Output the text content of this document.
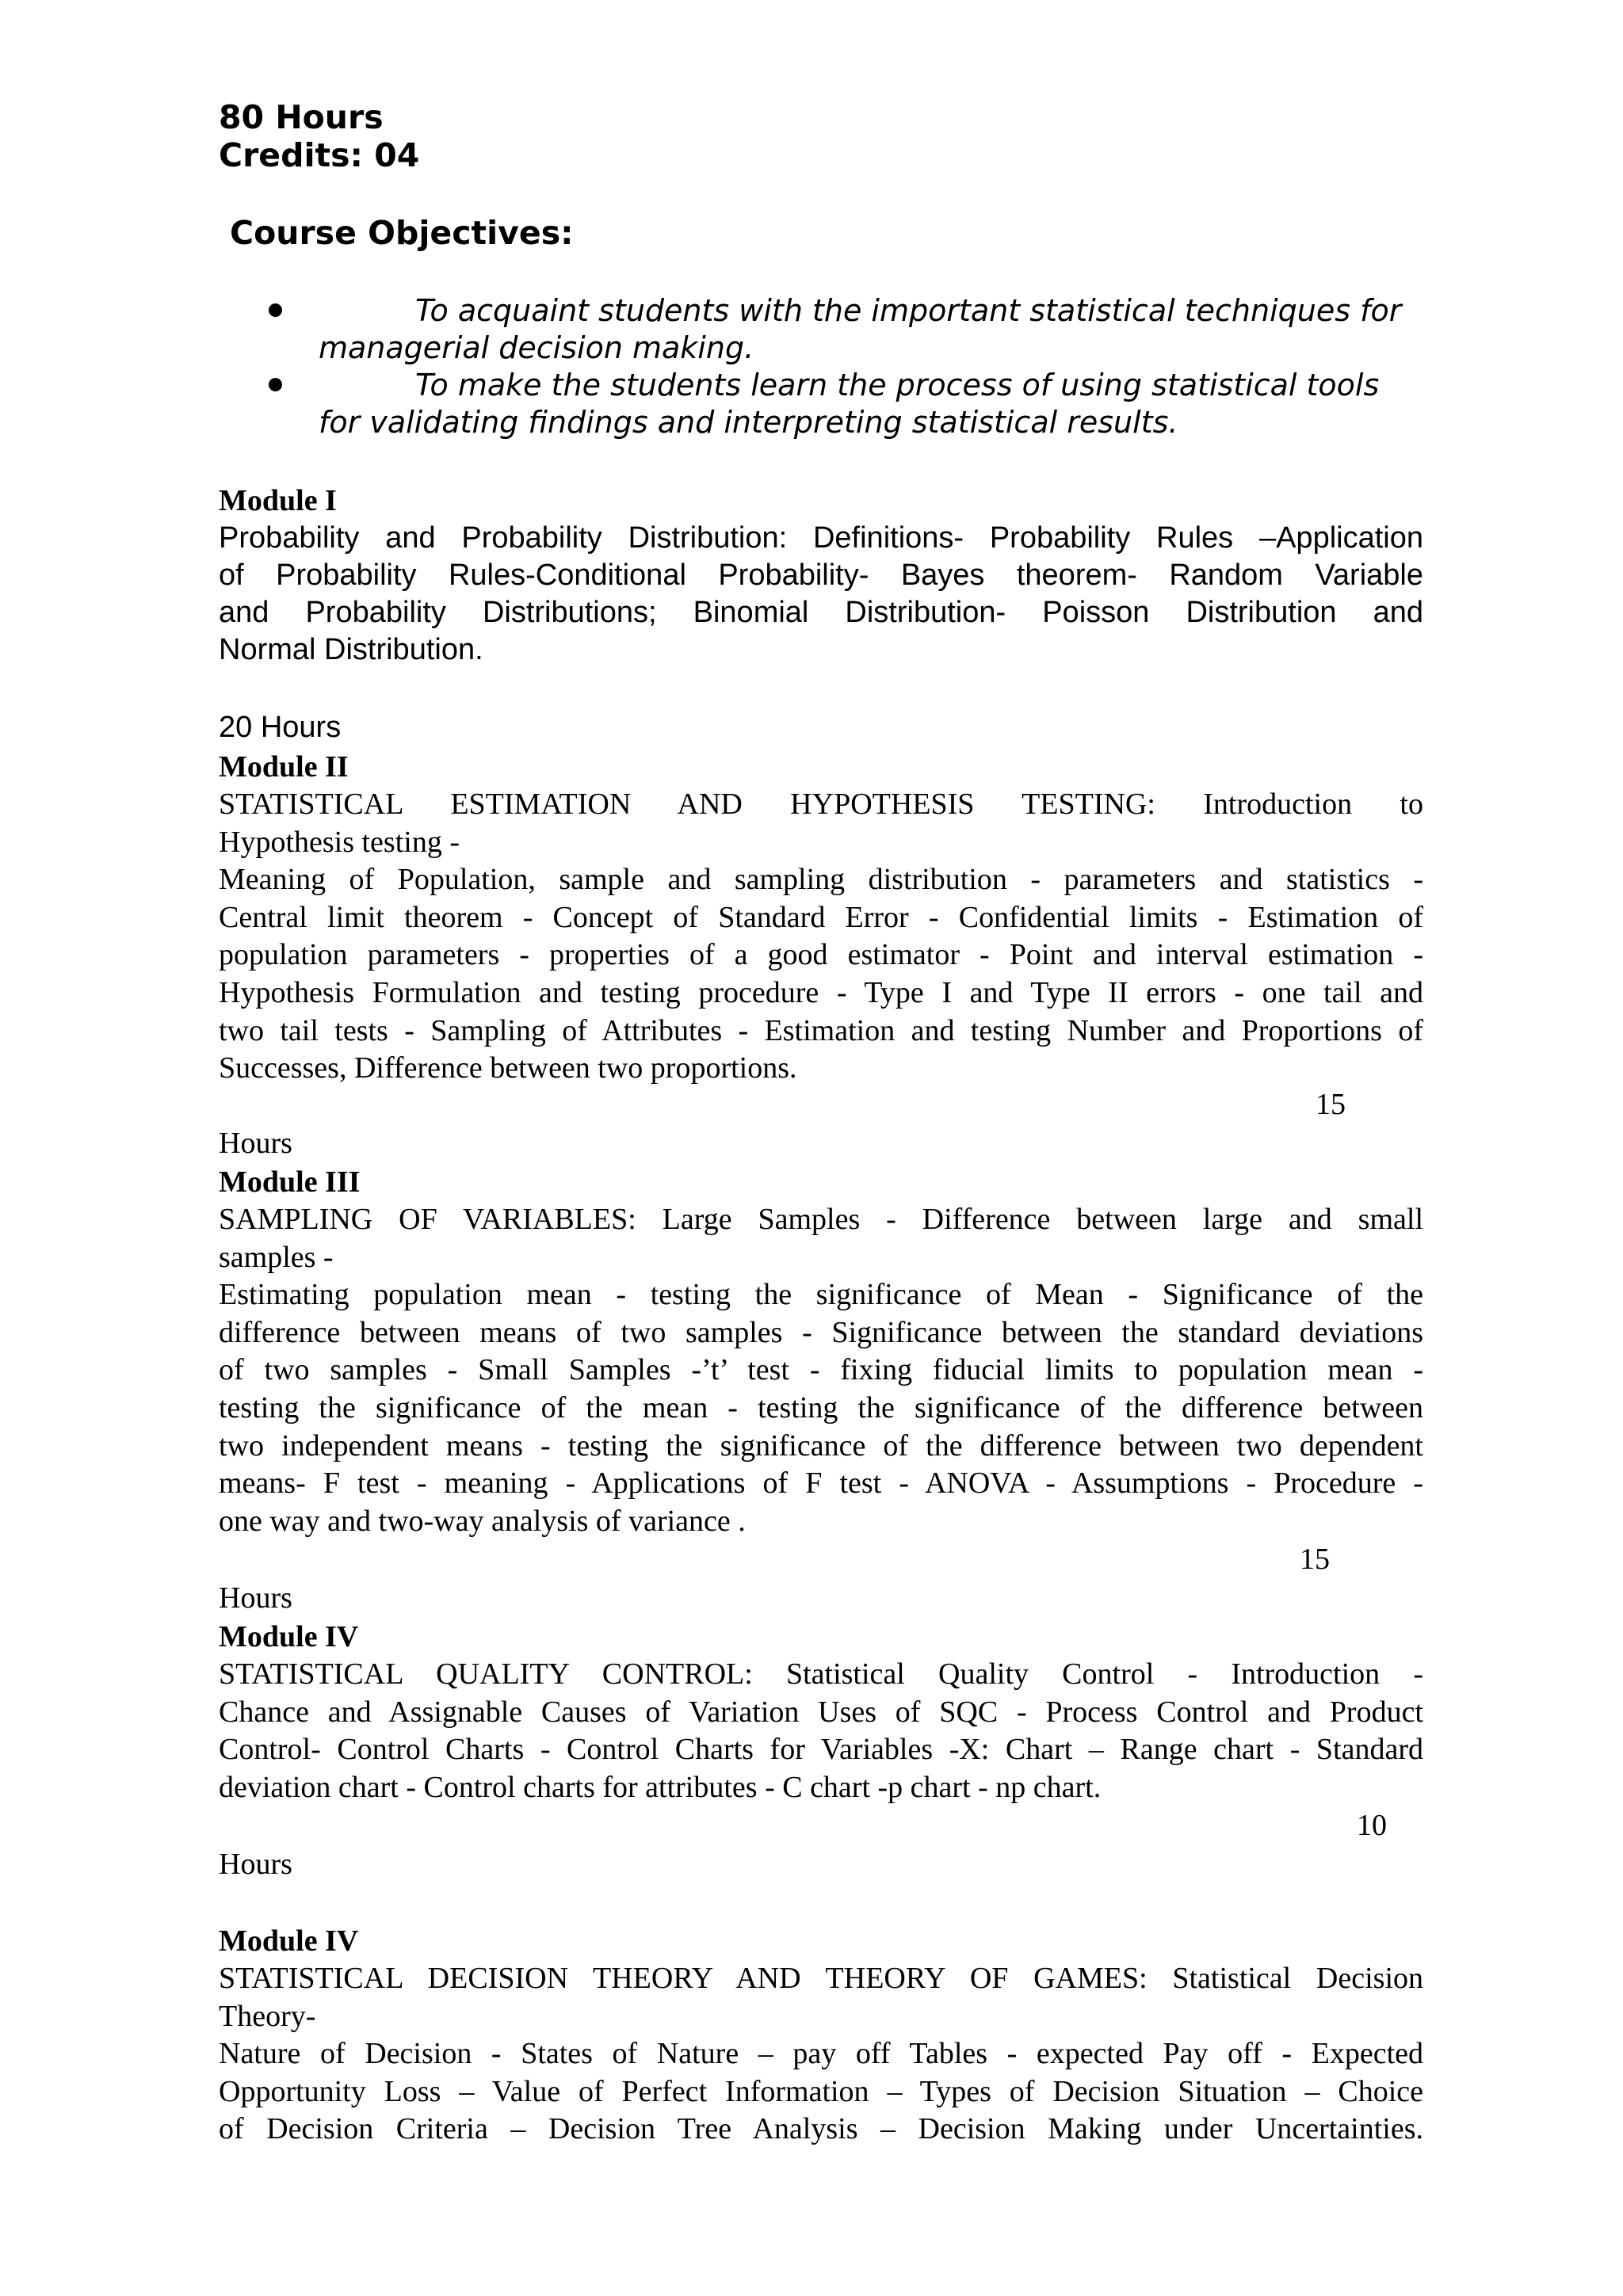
80 Hours
Credits: 04
Course Objectives:
To acquaint students with the important statistical techniques for
managerial decision making.
To make the students learn the process of using statistical tools
for validating findings and interpreting statistical results.
Module I
Probability and Probability Distribution: Definitions- Probability Rules –Application
of Probability Rules-Conditional Probability- Bayes theorem- Random Variable
and Probability Distributions; Binomial Distribution- Poisson Distribution and
Normal Distribution.
20 Hours
Module II
STATISTICAL ESTIMATION AND HYPOTHESIS TESTING: Introduction to
Hypothesis testing -
Meaning of Population, sample and sampling distribution - parameters and statistics -
Central limit theorem - Concept of Standard Error - Confidential limits - Estimation of
population parameters - properties of a good estimator - Point and interval estimation -
Hypothesis Formulation and testing procedure - Type I and Type II errors - one tail and
two tail tests - Sampling of Attributes - Estimation and testing Number and Proportions of
Successes, Difference between two proportions.
15
Hours
Module III
SAMPLING OF VARIABLES: Large Samples - Difference between large and small
samples -
Estimating population mean - testing the significance of Mean - Significance of the
difference between means of two samples - Significance between the standard deviations
of two samples - Small Samples -’t’ test - fixing fiducial limits to population mean -
testing the significance of the mean - testing the significance of the difference between
two independent means - testing the significance of the difference between two dependent
means- F test - meaning - Applications of F test - ANOVA - Assumptions - Procedure -
one way and two-way analysis of variance .
15
Hours
Module IV
STATISTICAL QUALITY CONTROL: Statistical Quality Control - Introduction -
Chance and Assignable Causes of Variation Uses of SQC - Process Control and Product
Control- Control Charts - Control Charts for Variables -X: Chart – Range chart - Standard
deviation chart - Control charts for attributes - C chart -p chart - np chart.
10
Hours
Module IV
STATISTICAL DECISION THEORY AND THEORY OF GAMES: Statistical Decision
Theory-
Nature of Decision - States of Nature – pay off Tables - expected Pay off - Expected
Opportunity Loss – Value of Perfect Information – Types of Decision Situation – Choice
of Decision Criteria – Decision Tree Analysis – Decision Making under Uncertainties.
